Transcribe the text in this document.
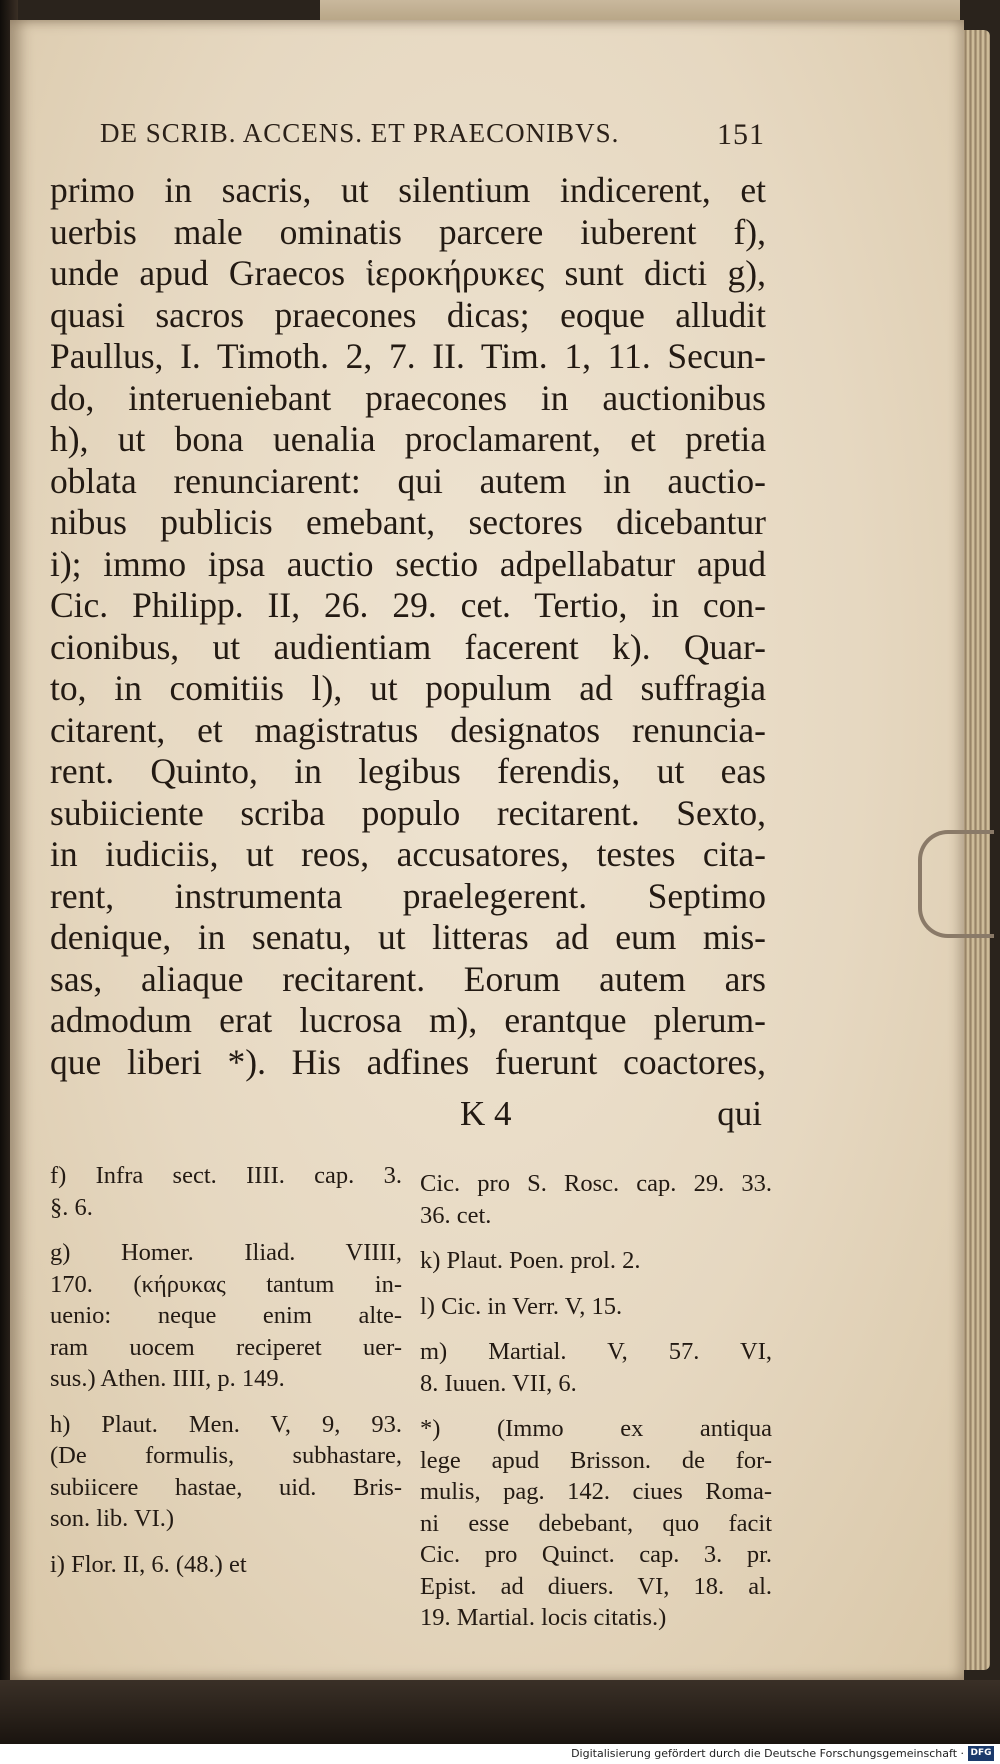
DE SCRIB. ACCENS. ET PRAECONIBVS.	151
primo in sacris, ut silentium indicerent, et
uerbis male ominatis parcere iuberent f),
unde apud Graecos ἱεροκήρυκες sunt dicti g),
quasi sacros praecones dicas; eoque alludit
Paullus, I. Timoth. 2, 7. II. Tim. 1, 11. Secun-
do, interueniebant praecones in auctionibus
h), ut bona uenalia proclamarent, et pretia
oblata renunciarent: qui autem in auctio-
nibus publicis emebant, sectores dicebantur
i); immo ipsa auctio sectio adpellabatur apud
Cic. Philipp. II, 26. 29. cet. Tertio, in con-
cionibus, ut audientiam facerent k). Quar-
to, in comitiis l), ut populum ad suffragia
citarent, et magistratus designatos renuncia-
rent. Quinto, in legibus ferendis, ut eas
subiiciente scriba populo recitarent. Sexto,
in iudiciis, ut reos, accusatores, testes cita-
rent, instrumenta praelegerent. Septimo
denique, in senatu, ut litteras ad eum mis-
sas, aliaque recitarent. Eorum autem ars
admodum erat lucrosa m), erantque plerum-
que liberi *). His adfines fuerunt coactores,
K 4	qui
f) Infra sect. IIII. cap. 3.
§. 6.
g) Homer. Iliad. VIIII,
170. (κήρυκας tantum in-
uenio: neque enim alte-
ram uocem reciperet uer-
sus.) Athen. IIII, p. 149.
h) Plaut. Men. V, 9, 93.
(De formulis, subhastare,
subiicere hastae, uid. Bris-
son. lib. VI.)
i) Flor. II, 6. (48.) et
Cic. pro S. Rosc. cap. 29. 33.
36. cet.
k) Plaut. Poen. prol. 2.
l) Cic. in Verr. V, 15.
m) Martial. V, 57. VI,
8. Iuuen. VII, 6.
*) (Immo ex antiqua
lege apud Brisson. de for-
mulis, pag. 142. ciues Roma-
ni esse debebant, quo facit
Cic. pro Quinct. cap. 3. pr.
Epist. ad diuers. VI, 18. al.
19. Martial. locis citatis.)
Digitalisierung gefördert durch die Deutsche Forschungsgemeinschaft · DFG
